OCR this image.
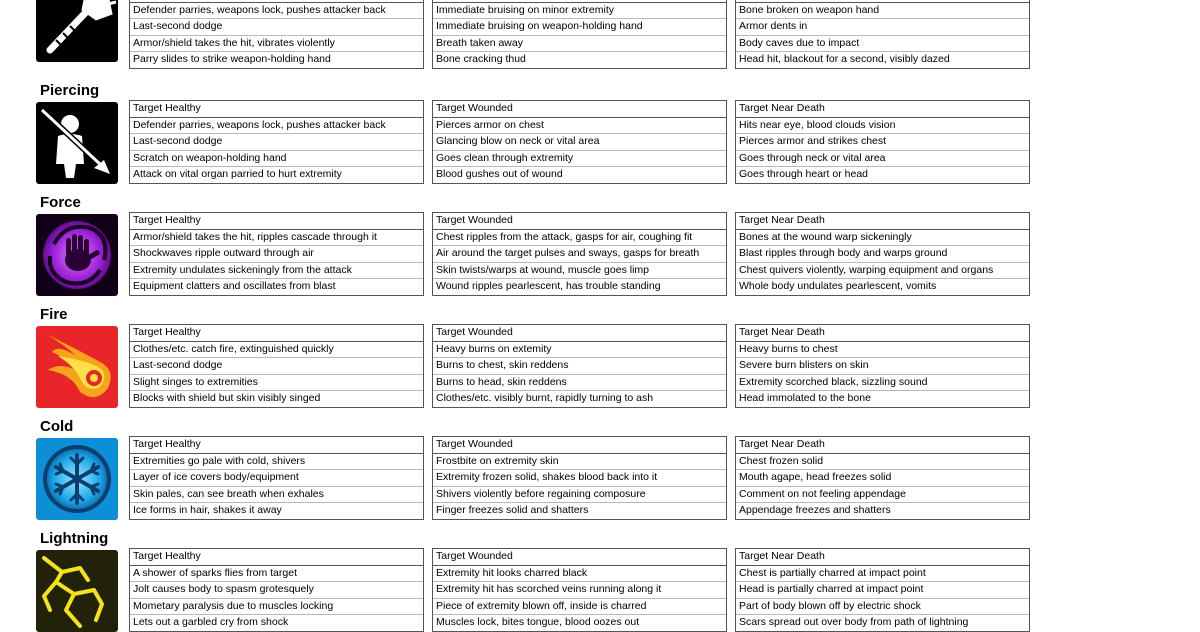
Defender parries, weapons lock, pushes attacker back
Last-second dodge
Armor/shield takes the hit, vibrates violently
Parry slides to strike weapon-holding hand
Immediate bruising on minor extremity
Immediate bruising on weapon-holding hand
Breath taken away
Bone cracking thud
Bone broken on weapon hand
Armor dents in
Body caves due to impact
Head hit, blackout for a second, visibly dazed
Piercing
Target Healthy
Defender parries, weapons lock, pushes attacker back
Last-second dodge
Scratch on weapon-holding hand
Attack on vital organ parried to hurt extremity
Target Wounded
Pierces armor on chest
Glancing blow on neck or vital area
Goes clean through extremity
Blood gushes out of wound
Target Near Death
Hits near eye, blood clouds vision
Pierces armor and strikes chest
Goes through neck or vital area
Goes through heart or head
Force
Target Healthy
Armor/shield takes the hit, ripples cascade through it
Shockwaves ripple outward through air
Extremity undulates sickeningly from the attack
Equipment clatters and oscillates from blast
Target Wounded
Chest ripples from the attack, gasps for air, coughing fit
Air around the target pulses and sways, gasps for breath
Skin twists/warps at wound, muscle goes limp
Wound ripples pearlescent, has trouble standing
Target Near Death
Bones at the wound warp sickeningly
Blast ripples through body and warps ground
Chest quivers violently, warping equipment and organs
Whole body undulates pearlescent, vomits
Fire
Target Healthy
Clothes/etc. catch fire, extinguished quickly
Last-second dodge
Slight singes to extremities
Blocks with shield but skin visibly singed
Target Wounded
Heavy burns on extemity
Burns to chest, skin reddens
Burns to head, skin reddens
Clothes/etc. visibly burnt, rapidly turning to ash
Target Near Death
Heavy burns to chest
Severe burn blisters on skin
Extremity scorched black, sizzling sound
Head immolated to the bone
Cold
Target Healthy
Extremities go pale with cold, shivers
Layer of ice covers body/equipment
Skin pales, can see breath when exhales
Ice forms in hair, shakes it away
Target Wounded
Frostbite on extremity skin
Extremity frozen solid, shakes blood back into it
Shivers violently before regaining composure
Finger freezes solid and shatters
Target Near Death
Chest frozen solid
Mouth agape, head freezes solid
Comment on not feeling appendage
Appendage freezes and shatters
Lightning
Target Healthy
A shower of sparks flies from target
Jolt causes body to spasm grotesquely
Mometary paralysis due to muscles locking
Lets out a garbled cry from shock
Target Wounded
Extremity hit looks charred black
Extremity hit has scorched veins running along it
Piece of extremity blown off, inside is charred
Muscles lock, bites tongue, blood oozes out
Target Near Death
Chest is partially charred at impact point
Head is partially charred at impact point
Part of body blown off by electric shock
Scars spread out over body from path of lightning
